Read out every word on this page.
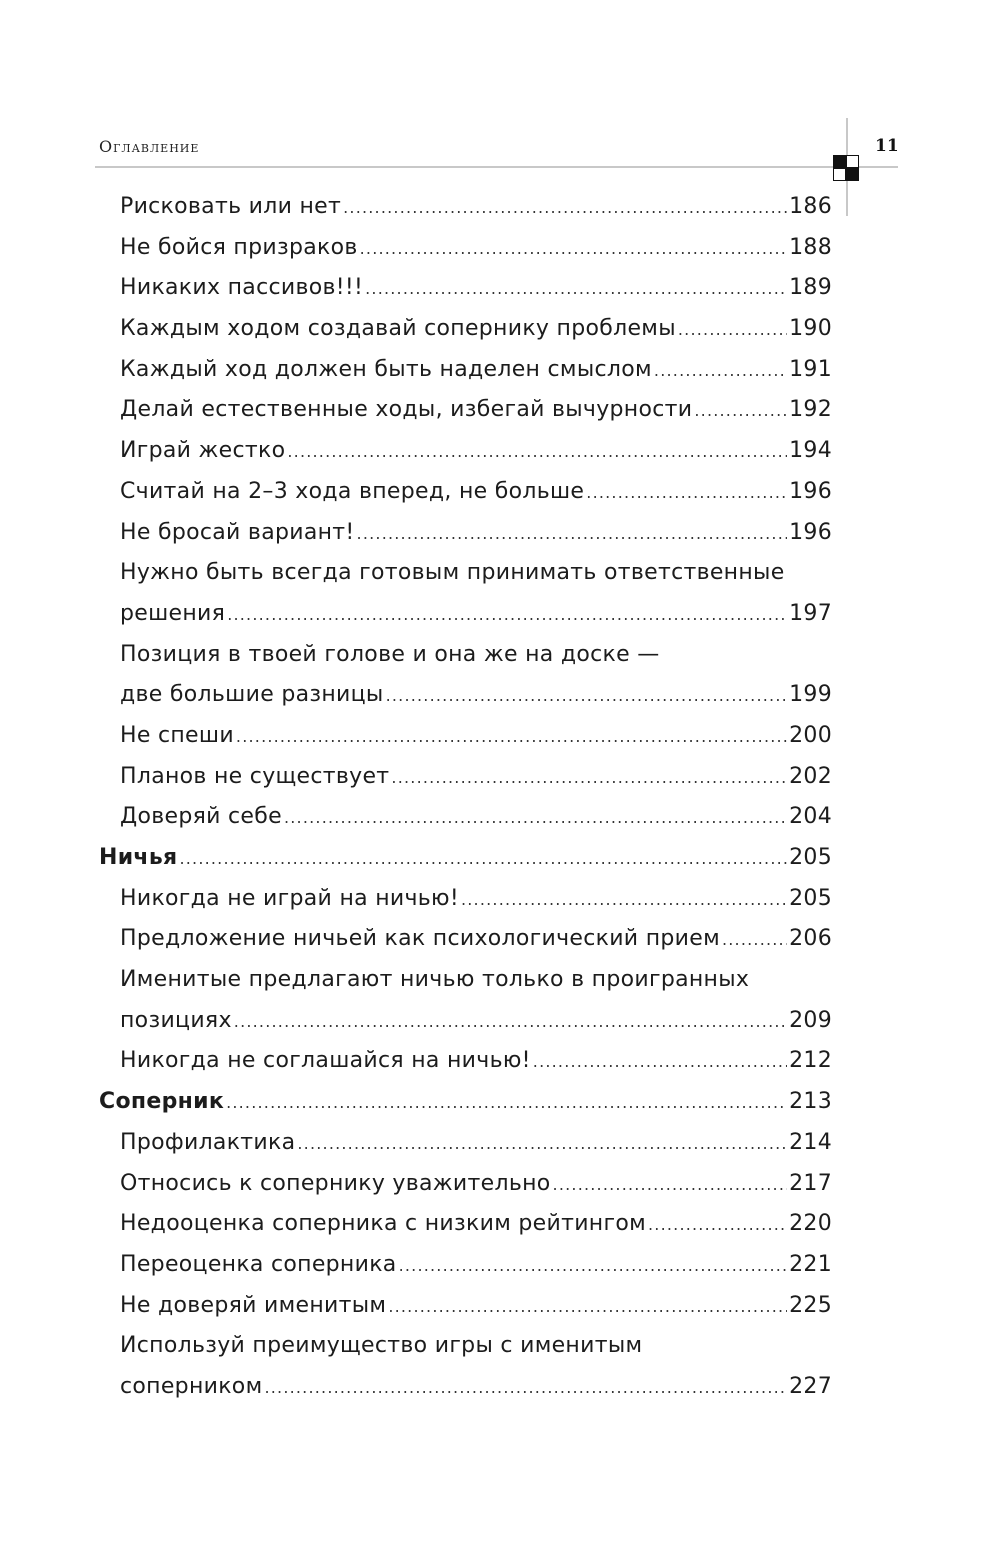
Оглавление	11
Рисковать или нет .....	186
Не бойся призраков .....	188
Никаких пассивов!!! .....	189
Каждым ходом создавай сопернику проблемы .....	190
Каждый ход должен быть наделен смыслом .....	191
Делай естественные ходы, избегай вычурности .....	192
Играй жестко .....	194
Считай на 2–3 хода вперед, не больше .....	196
Не бросай вариант! .....	196
Нужно быть всегда готовым принимать ответственные
решения .....	197
Позиция в твоей голове и она же на доске —
две большие разницы .....	199
Не спеши .....	200
Планов не существует .....	202
Доверяй себе .....	204
Ничья .....	205
Никогда не играй на ничью! .....	205
Предложение ничьей как психологический прием .....	206
Именитые предлагают ничью только в проигранных
позициях .....	209
Никогда не соглашайся на ничью! .....	212
Соперник .....	213
Профилактика .....	214
Относись к сопернику уважительно .....	217
Недооценка соперника с низким рейтингом .....	220
Переоценка соперника .....	221
Не доверяй именитым .....	225
Используй преимущество игры с именитым
соперником .....	227
